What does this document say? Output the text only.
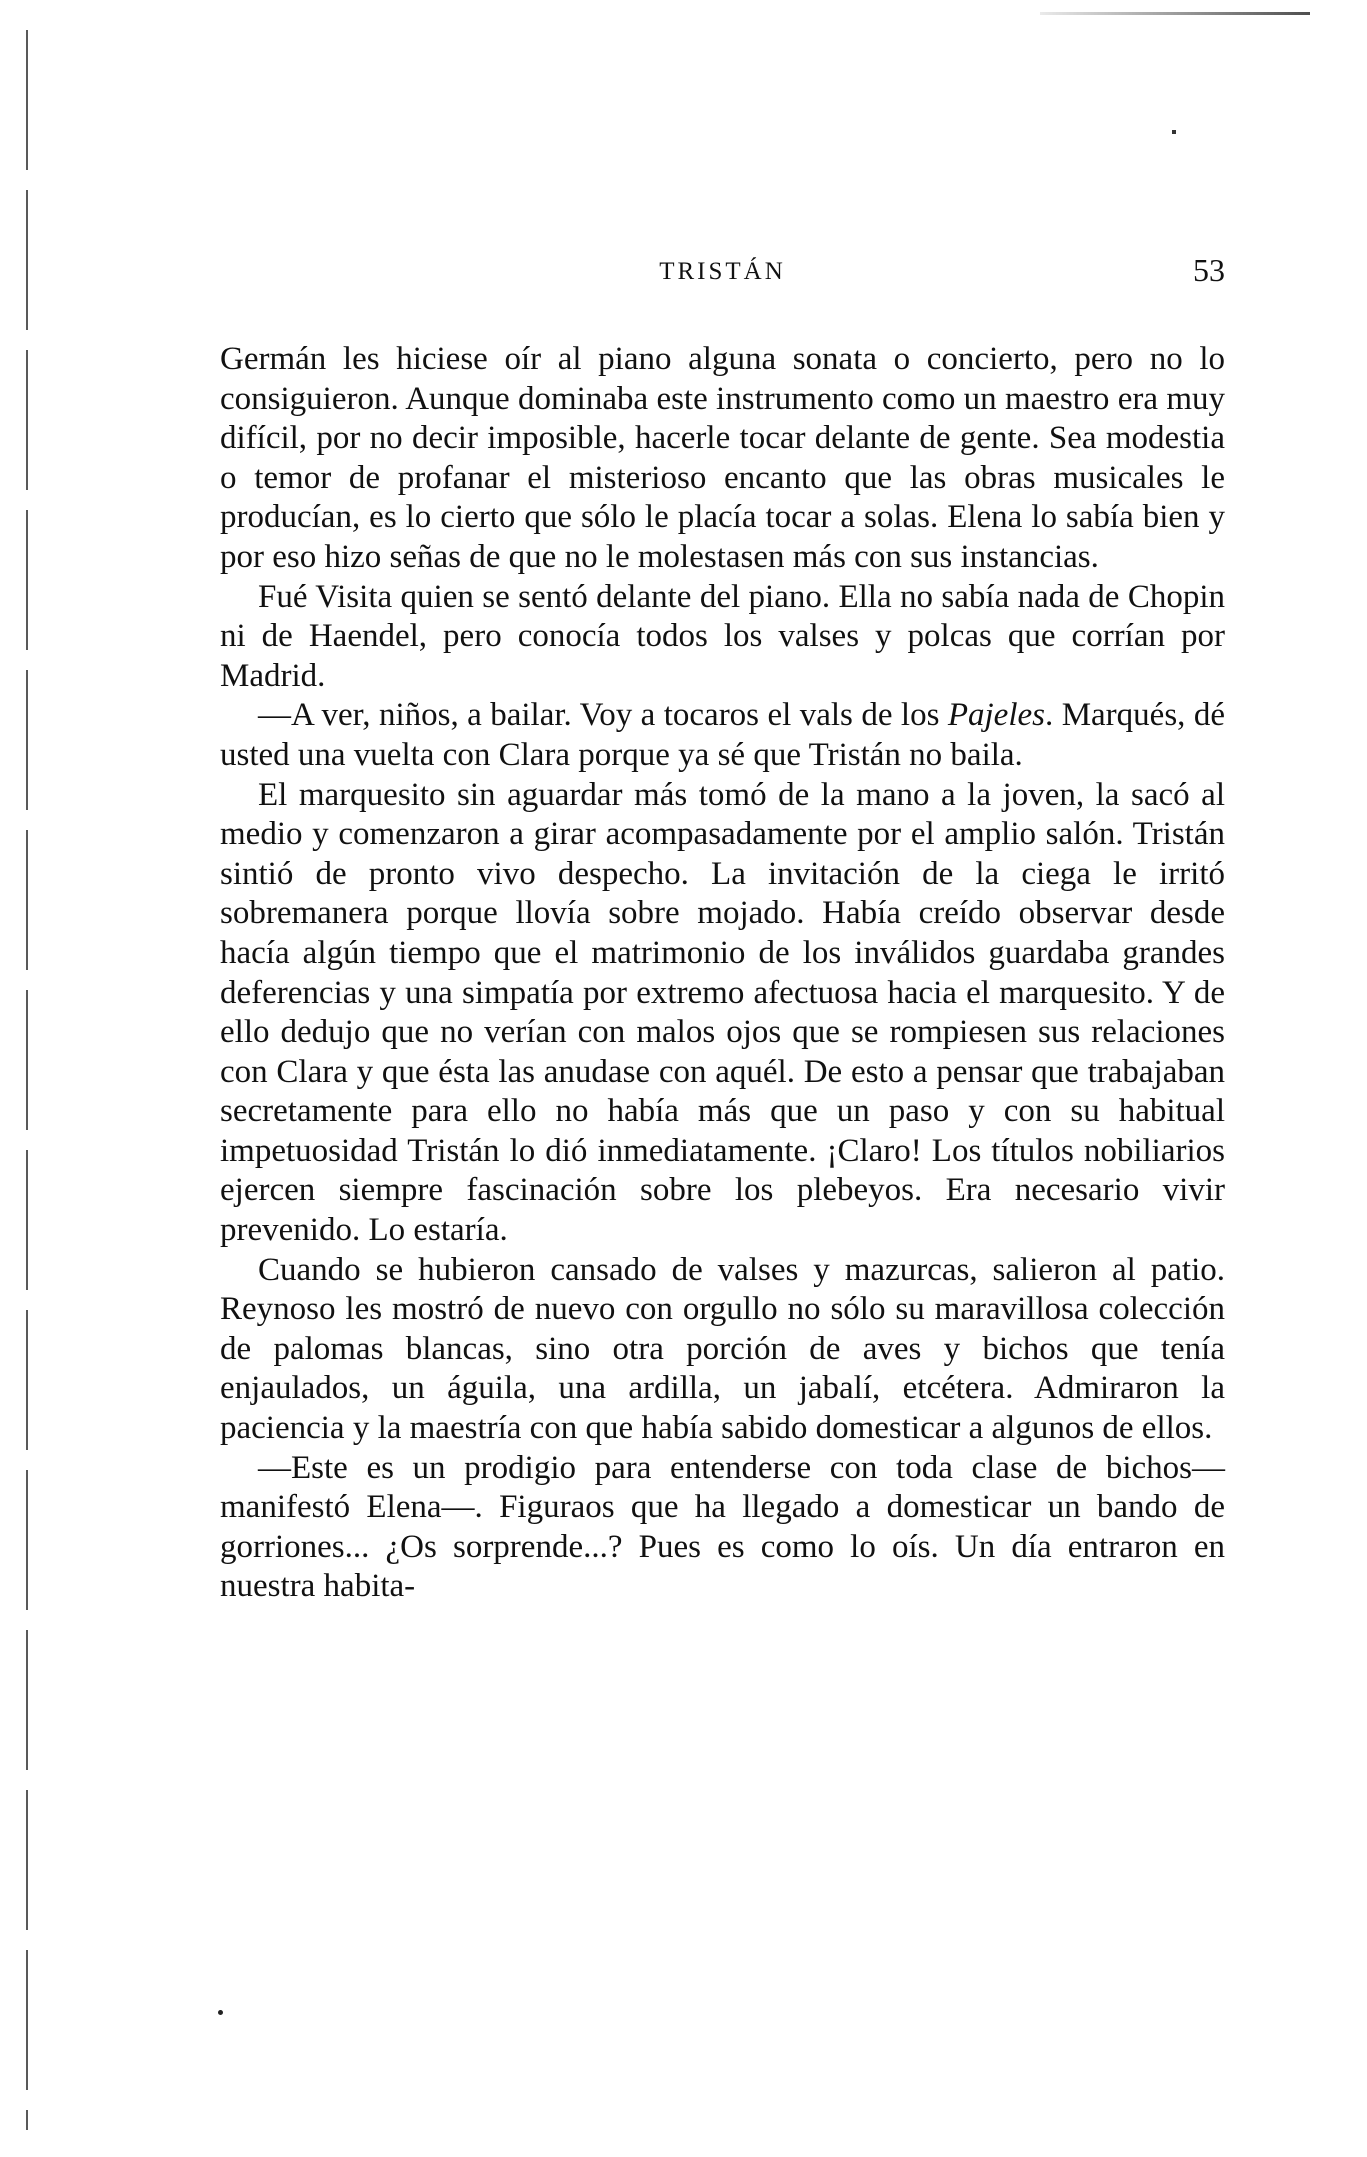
TRISTÁN	53

Germán les hiciese oír al piano alguna sonata o concierto, pero no lo consiguieron. Aunque dominaba este instrumento como un maestro era muy difícil, por no decir imposible, hacerle tocar delante de gente. Sea modestia o temor de profanar el misterioso encanto que las obras musicales le producían, es lo cierto que sólo le placía tocar a solas. Elena lo sabía bien y por eso hizo señas de que no le molestasen más con sus instancias.

Fué Visita quien se sentó delante del piano. Ella no sabía nada de Chopin ni de Haendel, pero conocía todos los valses y polcas que corrían por Madrid.

—A ver, niños, a bailar. Voy a tocaros el vals de los Pajeles. Marqués, dé usted una vuelta con Clara porque ya sé que Tristán no baila.

El marquesito sin aguardar más tomó de la mano a la joven, la sacó al medio y comenzaron a girar acompasadamente por el amplio salón. Tristán sintió de pronto vivo despecho. La invitación de la ciega le irritó sobremanera porque llovía sobre mojado. Había creído observar desde hacía algún tiempo que el matrimonio de los inválidos guardaba grandes deferencias y una simpatía por extremo afectuosa hacia el marquesito. Y de ello dedujo que no verían con malos ojos que se rompiesen sus relaciones con Clara y que ésta las anudase con aquél. De esto a pensar que trabajaban secretamente para ello no había más que un paso y con su habitual impetuosidad Tristán lo dió inmediatamente. ¡Claro! Los títulos nobiliarios ejercen siempre fascinación sobre los plebeyos. Era necesario vivir prevenido. Lo estaría.

Cuando se hubieron cansado de valses y mazurcas, salieron al patio. Reynoso les mostró de nuevo con orgullo no sólo su maravillosa colección de palomas blancas, sino otra porción de aves y bichos que tenía enjaulados, un águila, una ardilla, un jabalí, etcétera. Admiraron la paciencia y la maestría con que había sabido domesticar a algunos de ellos.

—Este es un prodigio para entenderse con toda clase de bichos—manifestó Elena—. Figuraos que ha llegado a domesticar un bando de gorriones... ¿Os sorprende...? Pues es como lo oís. Un día entraron en nuestra habita-
